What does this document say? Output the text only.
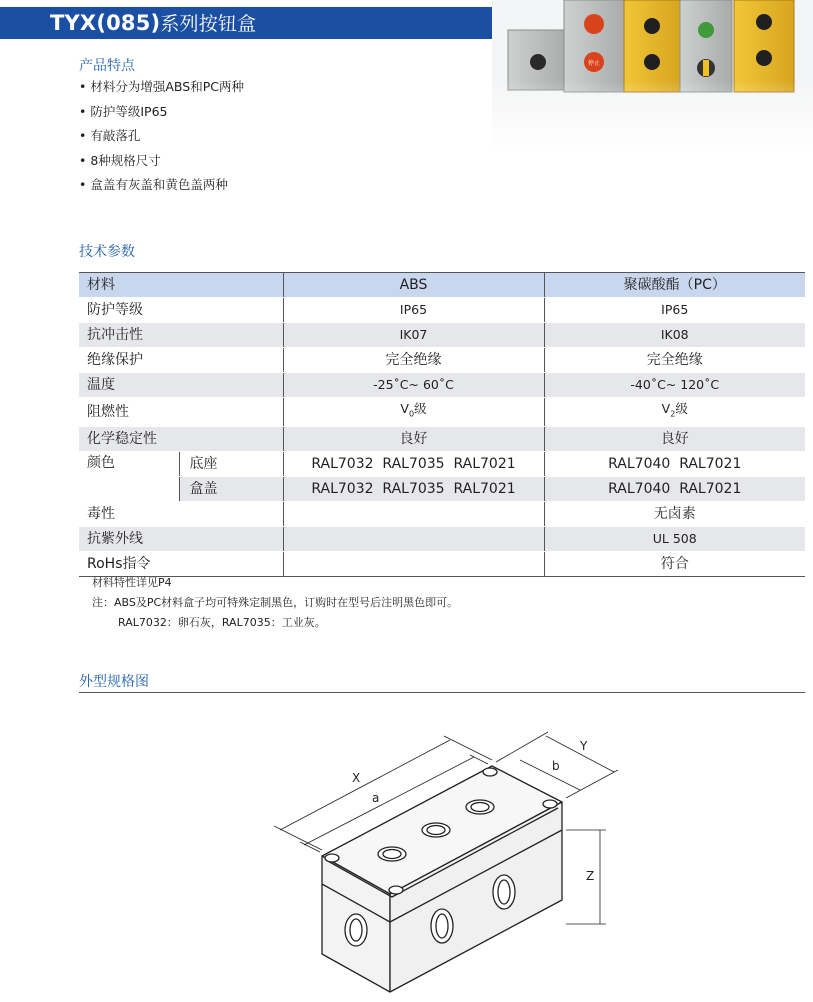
TYX(085)系列按钮盒
停止
产品特点
• 材料分为增强ABS和PC两种
• 防护等级IP65
• 有敲落孔
• 8种规格尺寸
• 盒盖有灰盖和黄色盖两种
技术参数
材料		ABS	聚碳酸酯（PC）
防护等级		IP65	IP65
抗冲击性		IK07	IK08
绝缘保护		完全绝缘	完全绝缘
温度		-25˚C~ 60˚C	-40˚C~ 120˚C
阻燃性		$V_0$级	$V_2$级
化学稳定性		良好	良好
颜色	底座	RAL7032  RAL7035  RAL7021	RAL7040  RAL7021
	盒盖	RAL7032  RAL7035  RAL7021	RAL7040  RAL7021
毒性			无卤素
抗紫外线			UL 508
RoHs指令			符合
材料特性详见P4
注：ABS及PC材料盒子均可特殊定制黑色，订购时在型号后注明黑色即可。
RAL7032：卵石灰，RAL7035：工业灰。
外型规格图
X
a
b
Y
Z
